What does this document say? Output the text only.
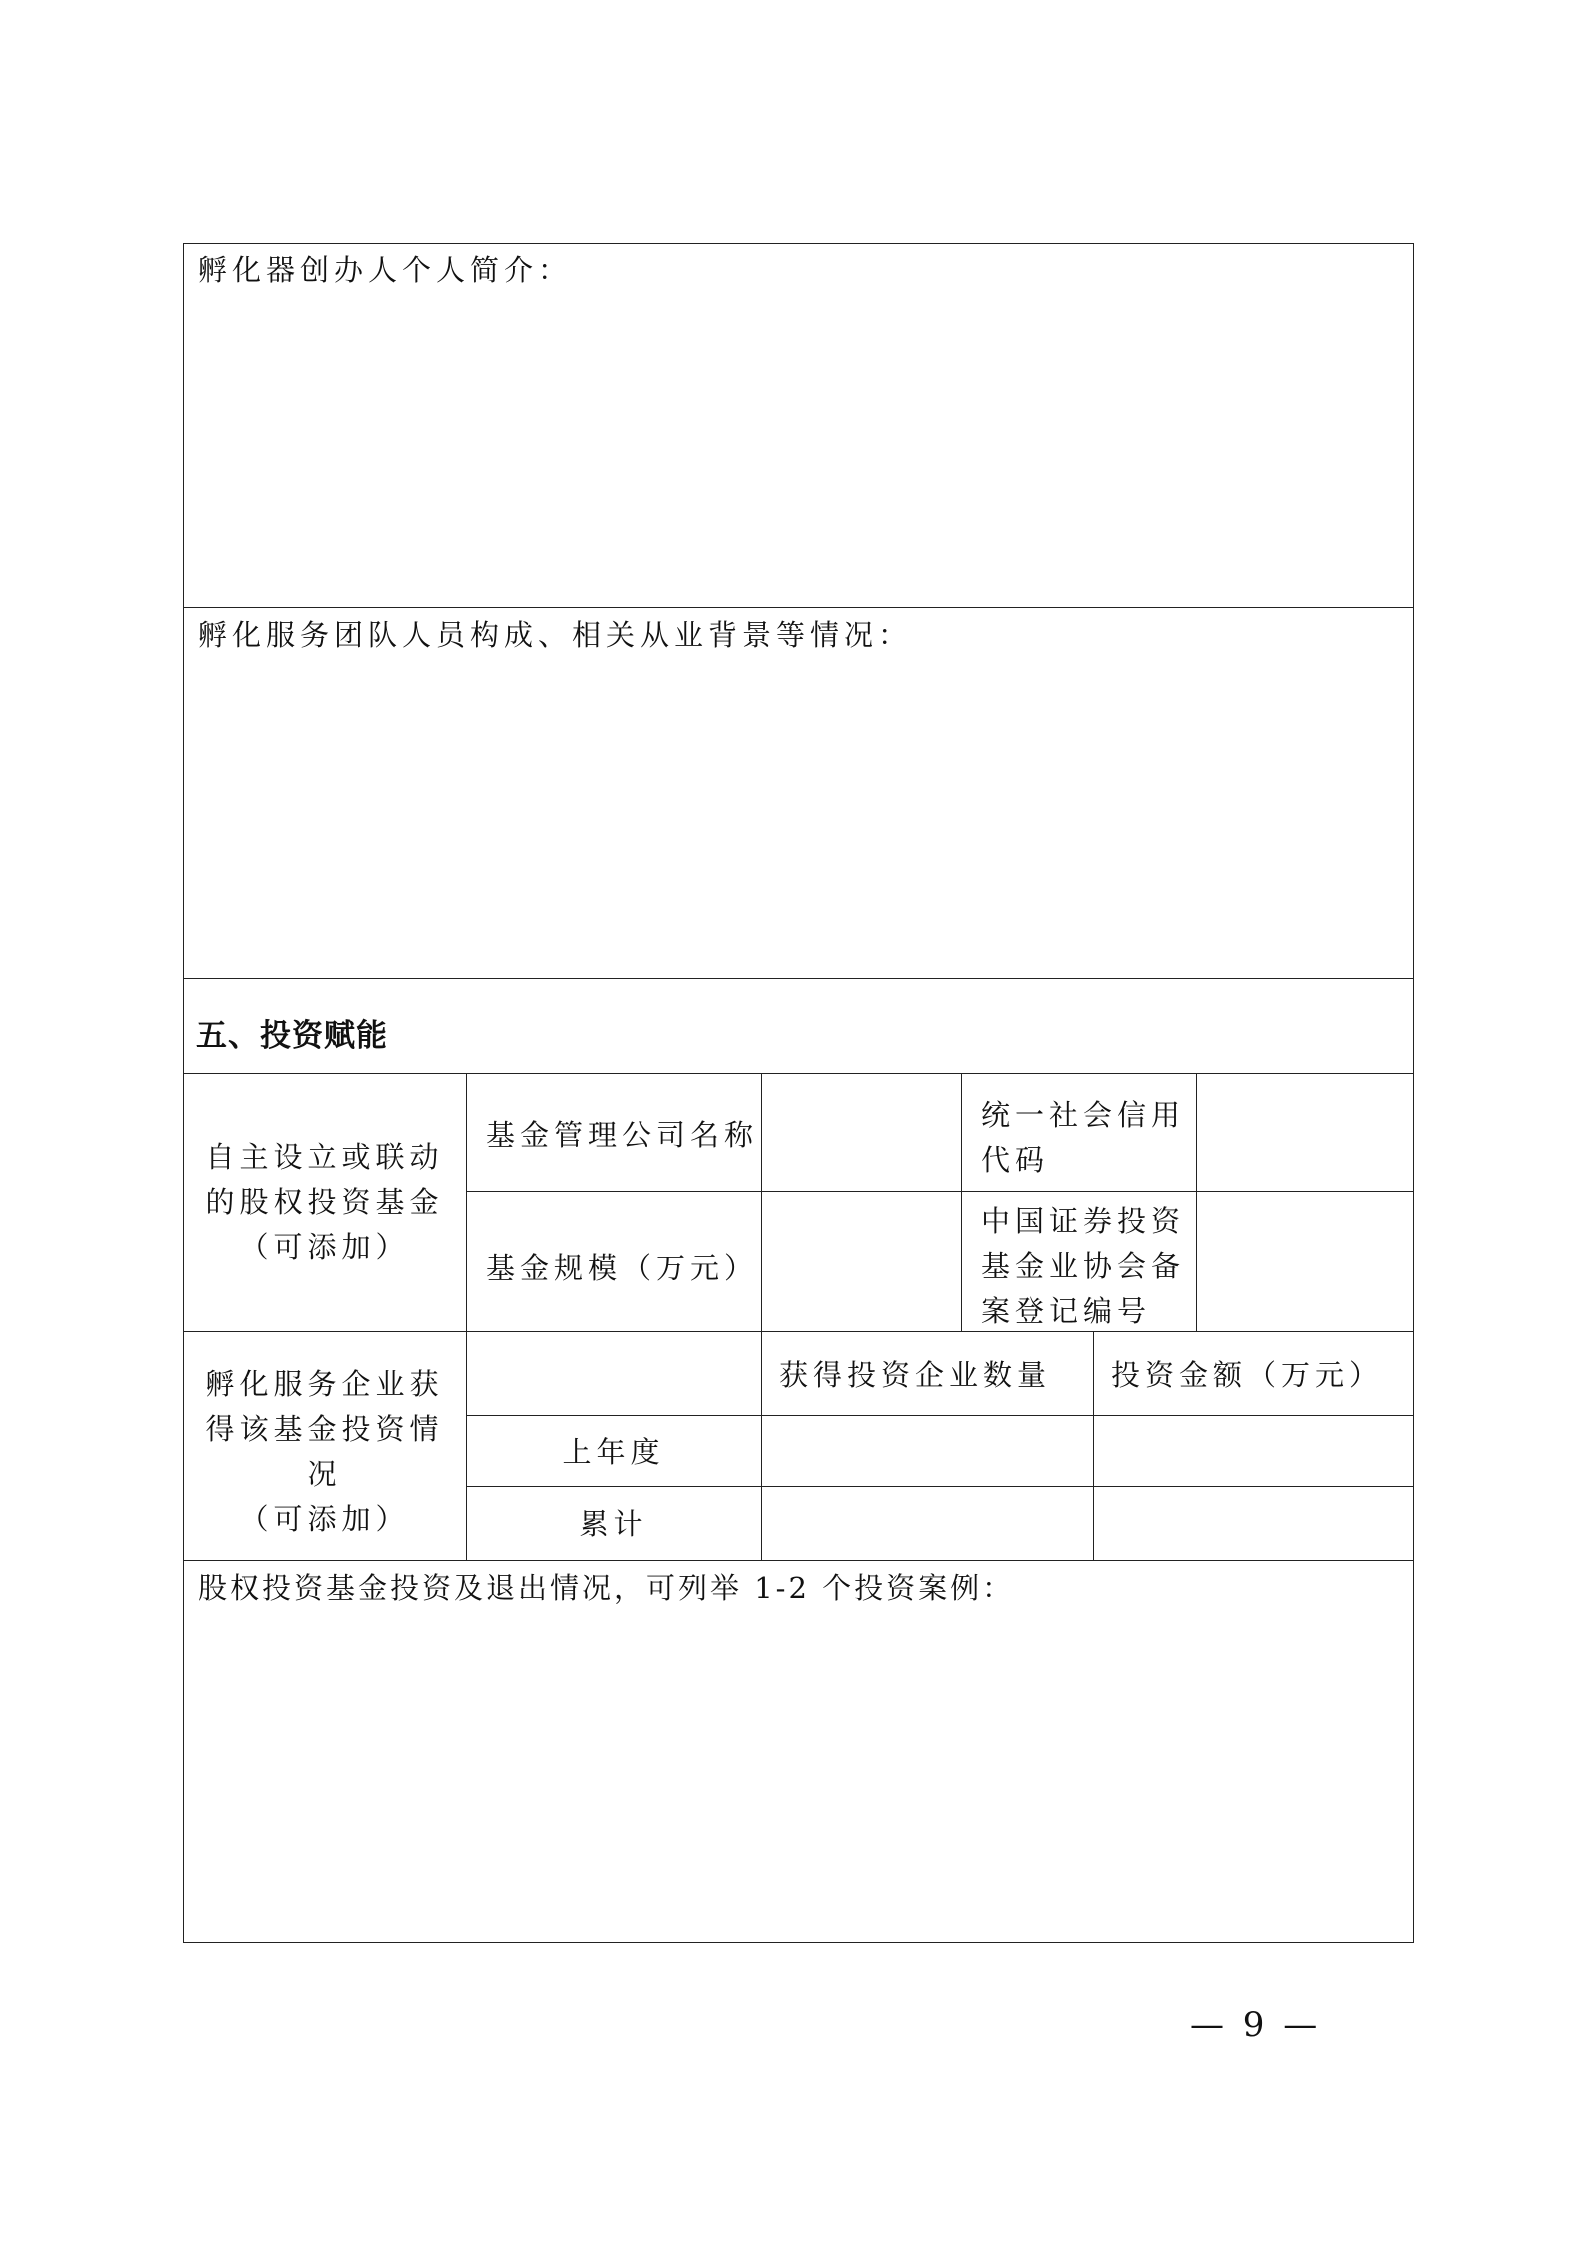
孵化器创办人个人简介：
孵化服务团队人员构成、相关从业背景等情况：
五、投资赋能
自主设立或联动
的股权投资基金
（可添加）
基金管理公司名称
统一社会信用
代码
基金规模（万元）
中国证券投资
基金业协会备
案登记编号
孵化服务企业获
得该基金投资情
况
（可添加）
获得投资企业数量 投资金额（万元）
上年度
累计
股权投资基金投资及退出情况，可列举 1-2 个投资案例：
— 9 —
